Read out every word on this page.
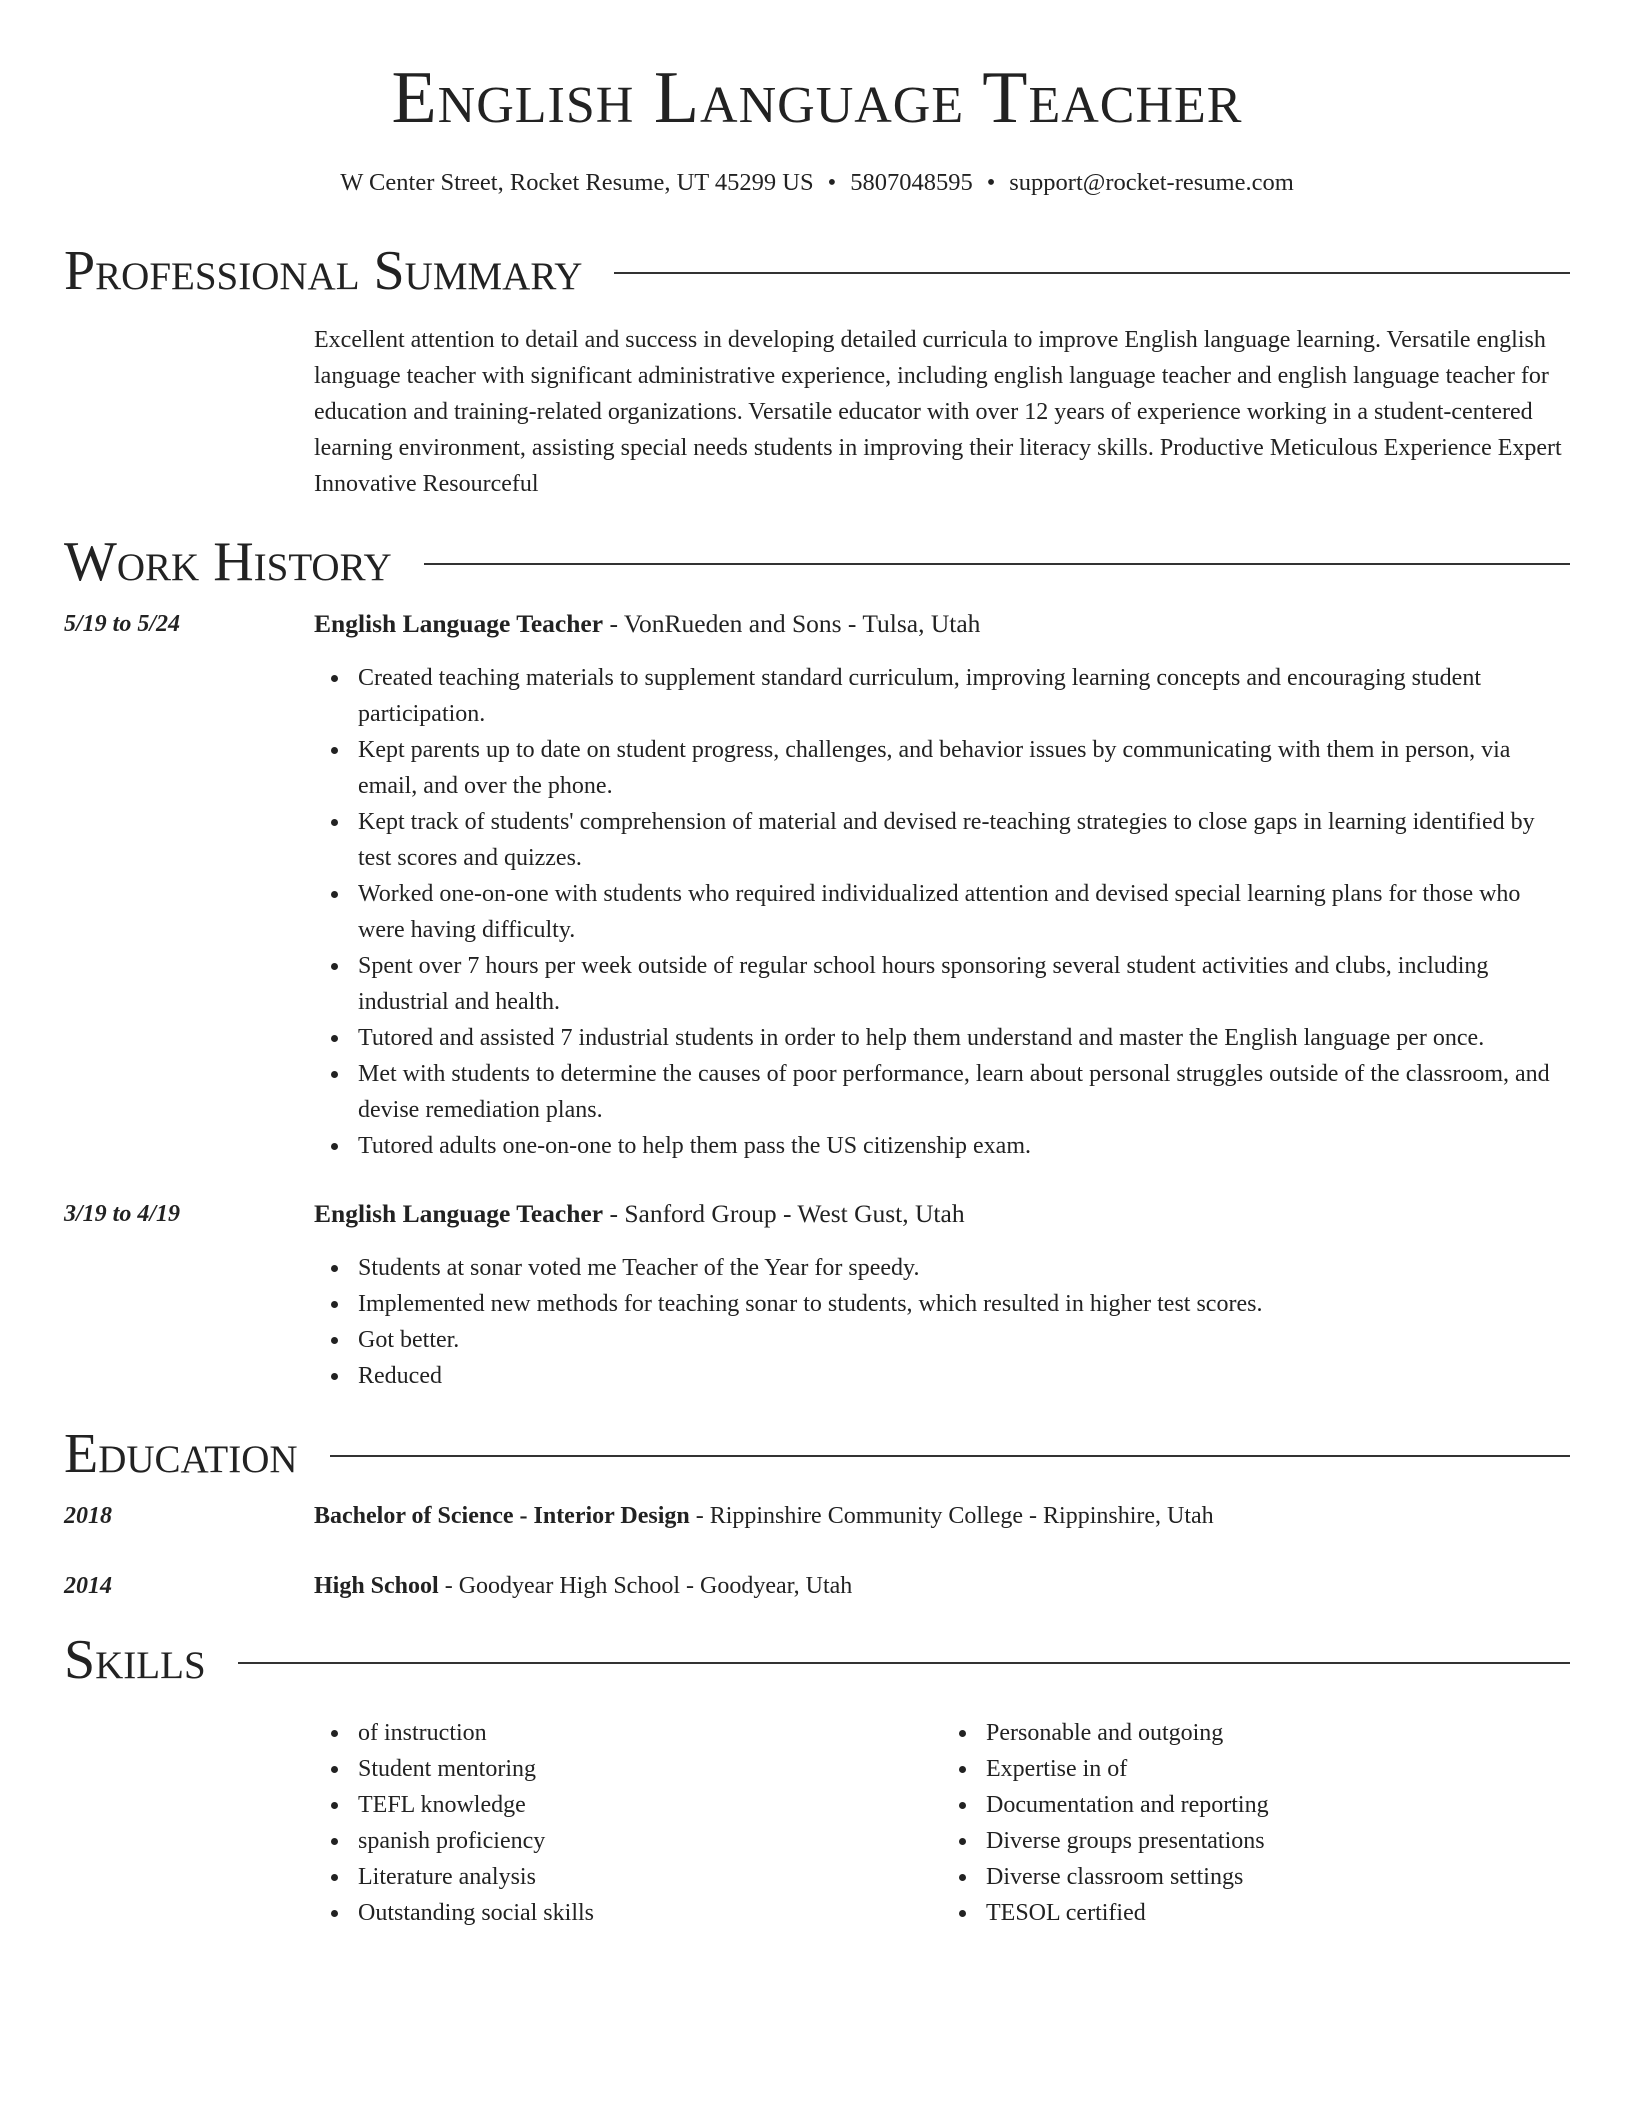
English Language Teacher
W Center Street, Rocket Resume, UT 45299 US • 5807048595 • support@rocket-resume.com
Professional Summary

Excellent attention to detail and success in developing detailed curricula to improve English language learning. Versatile english language teacher with significant administrative experience, including english language teacher and english language teacher for education and training-related organizations. Versatile educator with over 12 years of experience working in a student-centered learning environment, assisting special needs students in improving their literacy skills. Productive Meticulous Experience Expert Innovative Resourceful

Work History
5/19 to 5/24	English Language Teacher - VonRueden and Sons - Tulsa, Utah
Created teaching materials to supplement standard curriculum, improving learning concepts and encouraging student participation.
Kept parents up to date on student progress, challenges, and behavior issues by communicating with them in person, via email, and over the phone.
Kept track of students' comprehension of material and devised re-teaching strategies to close gaps in learning identified by test scores and quizzes.
Worked one-on-one with students who required individualized attention and devised special learning plans for those who were having difficulty.
Spent over 7 hours per week outside of regular school hours sponsoring several student activities and clubs, including industrial and health.
Tutored and assisted 7 industrial students in order to help them understand and master the English language per once.
Met with students to determine the causes of poor performance, learn about personal struggles outside of the classroom, and devise remediation plans.
Tutored adults one-on-one to help them pass the US citizenship exam.
3/19 to 4/19	English Language Teacher - Sanford Group - West Gust, Utah
Students at sonar voted me Teacher of the Year for speedy.
Implemented new methods for teaching sonar to students, which resulted in higher test scores.
Got better.
Reduced
Education
2018	Bachelor of Science - Interior Design - Rippinshire Community College - Rippinshire, Utah
2014	High School - Goodyear High School - Goodyear, Utah
Skills
of instruction
Student mentoring
TEFL knowledge
spanish proficiency
Literature analysis
Outstanding social skills
Personable and outgoing
Expertise in of
Documentation and reporting
Diverse groups presentations
Diverse classroom settings
TESOL certified
